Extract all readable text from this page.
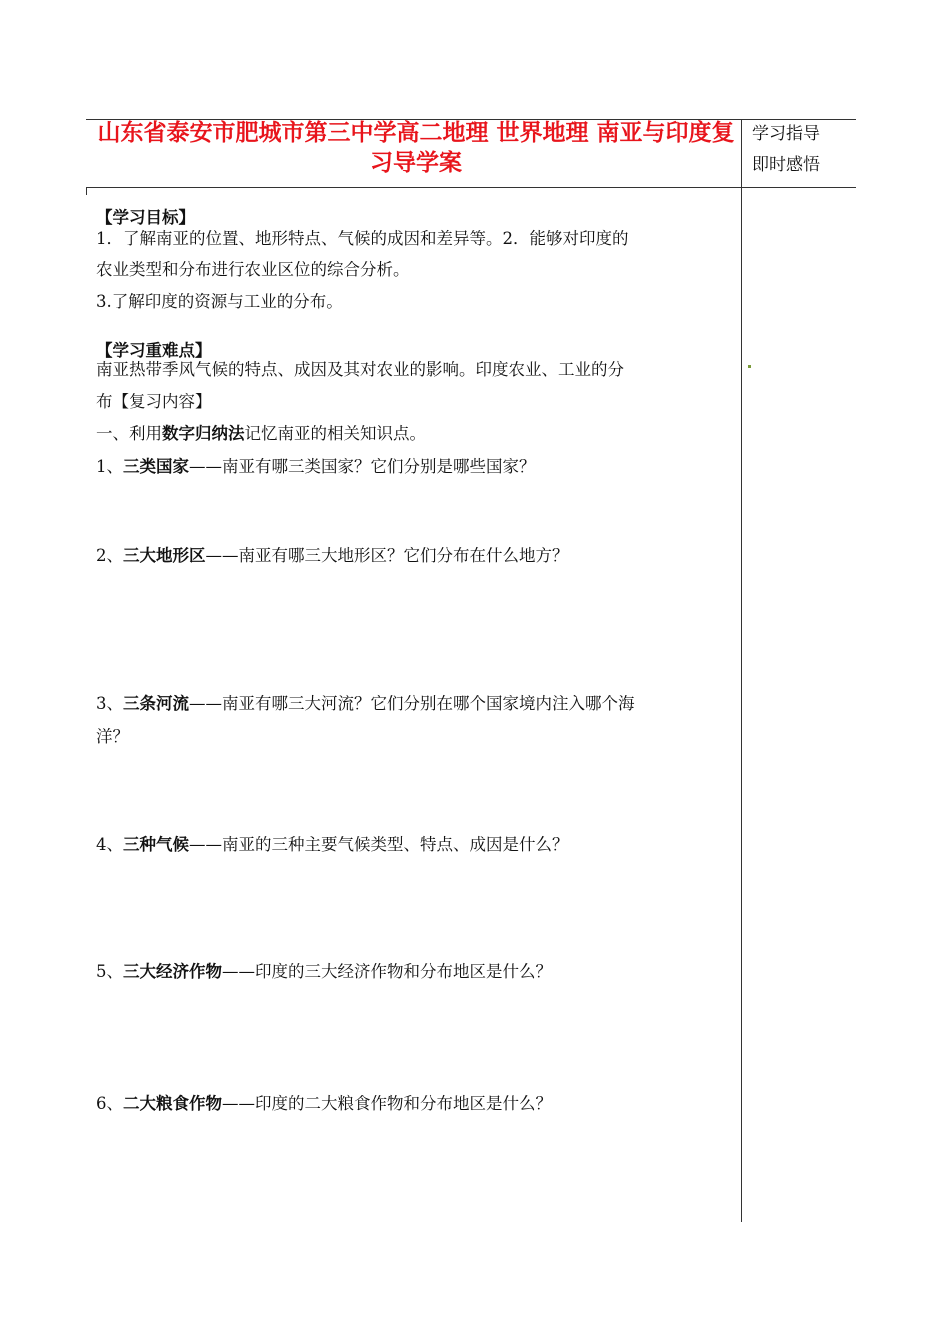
山东省泰安市肥城市第三中学高二地理 世界地理 南亚与印度复习导学案
学习指导
即时感悟
【学习目标】
1．了解南亚的位置、地形特点、气候的成因和差异等。2．能够对印度的
农业类型和分布进行农业区位的综合分析。
3.了解印度的资源与工业的分布。
【学习重难点】
南亚热带季风气候的特点、成因及其对农业的影响。印度农业、工业的分
布【复习内容】
一、利用数字归纳法记忆南亚的相关知识点。
1、三类国家——南亚有哪三类国家？它们分别是哪些国家？
2、三大地形区——南亚有哪三大地形区？它们分布在什么地方？
3、三条河流——南亚有哪三大河流？它们分别在哪个国家境内注入哪个海
洋？
4、三种气候——南亚的三种主要气候类型、特点、成因是什么？
5、三大经济作物——印度的三大经济作物和分布地区是什么？
6、二大粮食作物——印度的二大粮食作物和分布地区是什么？
